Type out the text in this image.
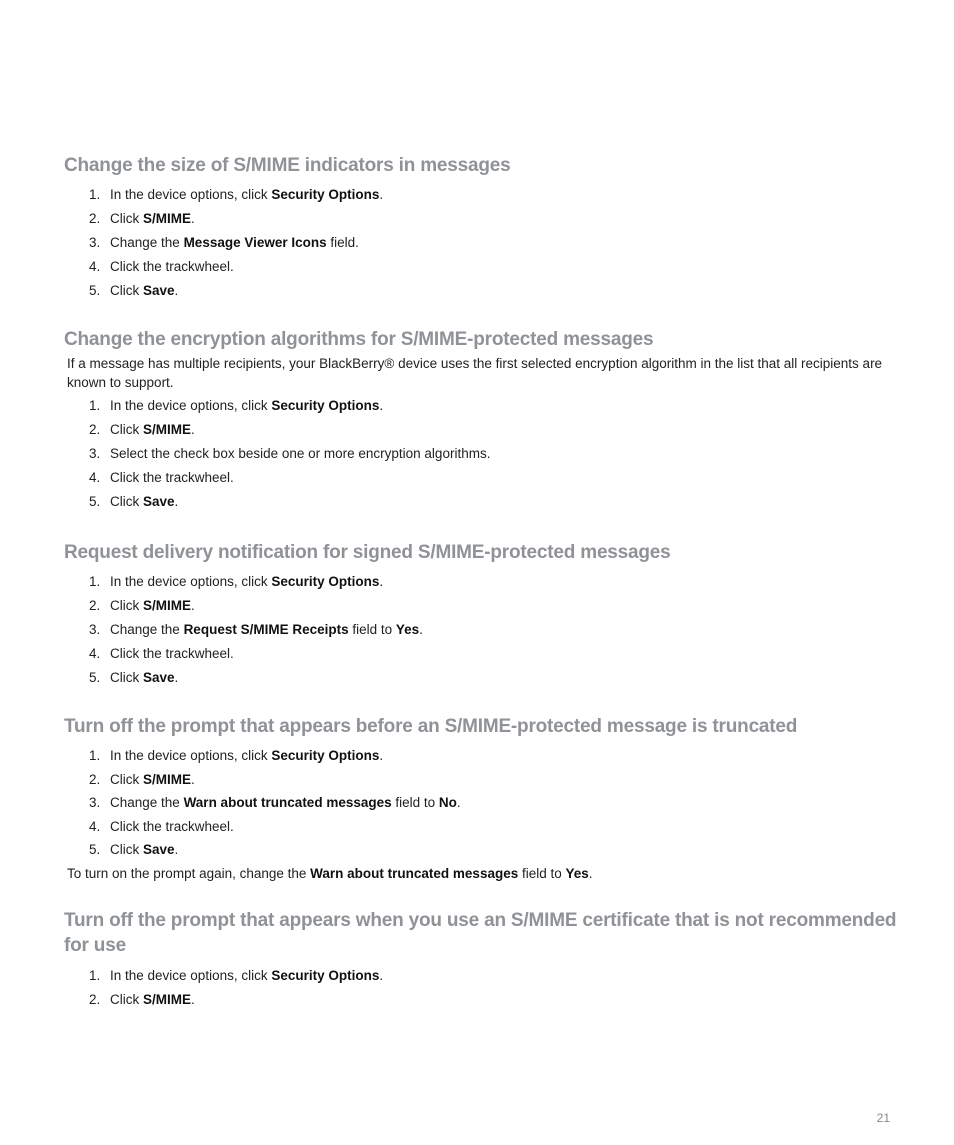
Change the size of S/MIME indicators in messages
1. In the device options, click Security Options.
2. Click S/MIME.
3. Change the Message Viewer Icons field.
4. Click the trackwheel.
5. Click Save.
Change the encryption algorithms for S/MIME-protected messages

If a message has multiple recipients, your BlackBerry® device uses the first selected encryption algorithm in the list that all recipients are known to support.

1. In the device options, click Security Options.
2. Click S/MIME.
3. Select the check box beside one or more encryption algorithms.
4. Click the trackwheel.
5. Click Save.
Request delivery notification for signed S/MIME-protected messages
1. In the device options, click Security Options.
2. Click S/MIME.
3. Change the Request S/MIME Receipts field to Yes.
4. Click the trackwheel.
5. Click Save.
Turn off the prompt that appears before an S/MIME-protected message is truncated
1. In the device options, click Security Options.
2. Click S/MIME.
3. Change the Warn about truncated messages field to No.
4. Click the trackwheel.
5. Click Save.

To turn on the prompt again, change the Warn about truncated messages field to Yes.

Turn off the prompt that appears when you use an S/MIME certificate that is not recommended for use
1. In the device options, click Security Options.
2. Click S/MIME.
21
